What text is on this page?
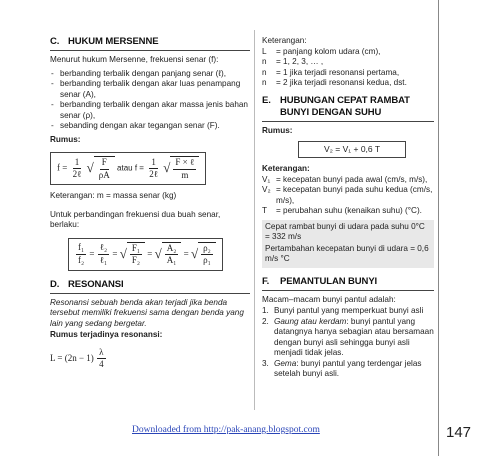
C. HUKUM MERSENNE

Menurut hukum Mersenne, frekuensi senar (f):

- berbanding terbalik dengan panjang senar (ℓ),
- berbanding terbalik dengan akar luas penampang senar (A),
- berbanding terbalik dengan akar massa jenis bahan senar (ρ),
- sebanding dengan akar tegangan senar (F).

Rumus:

$f = \frac{1}{\text{2ℓ}}$
√ $\frac{F}{\rho A}$ atau $f = \frac{1}{\text{2ℓ}}$
√ $\frac{\text{F × ℓ}}{m}$

Keterangan: m = massa senar (kg)

Untuk perbandingan frekuensi dua buah senar, berlaku:

$\frac{\text{f₁}}{\text{f₂}} = \frac{\text{ℓ₂}}{\text{ℓ₁}}$ = √ $\frac{\text{F₁}}{\text{F₂}}$ = √ $\frac{\text{A₂}}{\text{A₁}}$ = √ $\frac{\text{ρ₂}}{\text{ρ₁}}$
D. RESONANSI

Resonansi sebuah benda akan terjadi jika benda tersebut memiliki frekuensi sama dengan benda yang lain yang sedang bergetar.

Rumus terjadinya resonansi:

$L = (2n - 1) \frac{\lambda}{4}$

Keterangan:

L	= panjang kolom udara (cm),
n	= 1, 2, 3, … ,
n	= 1 jika terjadi resonansi pertama,
n	= 2 jika terjadi resonansi kedua, dst.
E. HUBUNGAN CEPAT RAMBAT BUNYI DENGAN SUHU

Rumus:

V₂ = V₁ + 0,6 T

Keterangan:

V₁ = kecepatan bunyi pada awal (cm/s, m/s),
V₂ = kecepatan bunyi pada suhu kedua (cm/s, m/s),
T	= perubahan suhu (kenaikan suhu) (°C).

Cepat rambat bunyi di udara pada suhu 0°C = 332 m/s

Pertambahan kecepatan bunyi di udara = 0,6 m/s °C

F. PEMANTULAN BUNYI

Macam–macam bunyi pantul adalah:

1. Bunyi pantul yang memperkuat bunyi asli
2. Gaung atau kerdam: bunyi pantul yang datangnya hanya sebagian atau bersamaan dengan bunyi asli sehingga bunyi asli menjadi tidak jelas.
3. Gema: bunyi pantul yang terdengar jelas setelah bunyi asli.
Downloaded from http://pak-anang.blogspot.com	147
